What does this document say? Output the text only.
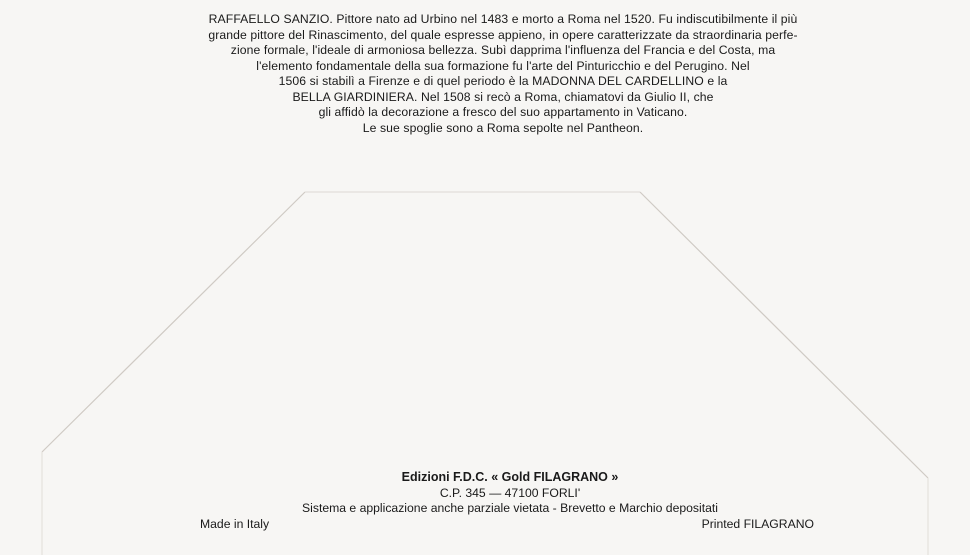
RAFFAELLO SANZIO. Pittore nato ad Urbino nel 1483 e morto a Roma nel 1520. Fu indiscutibilmente il più
grande pittore del Rinascimento, del quale espresse appieno, in opere caratterizzate da straordinaria perfe-
zione formale, l'ideale di armoniosa bellezza. Subì dapprima l'influenza del Francia e del Costa, ma
l'elemento fondamentale della sua formazione fu l'arte del Pinturicchio e del Perugino. Nel
1506 si stabilì a Firenze e di quel periodo è la MADONNA DEL CARDELLINO e la
BELLA GIARDINIERA. Nel 1508 si recò a Roma, chiamatovi da Giulio II, che
gli affidò la decorazione a fresco del suo appartamento in Vaticano.
Le sue spoglie sono a Roma sepolte nel Pantheon.
Edizioni F.D.C. « Gold FILAGRANO »
C.P. 345 — 47100 FORLI'
Sistema e applicazione anche parziale vietata - Brevetto e Marchio depositati
Made in Italy	Printed FILAGRANO
